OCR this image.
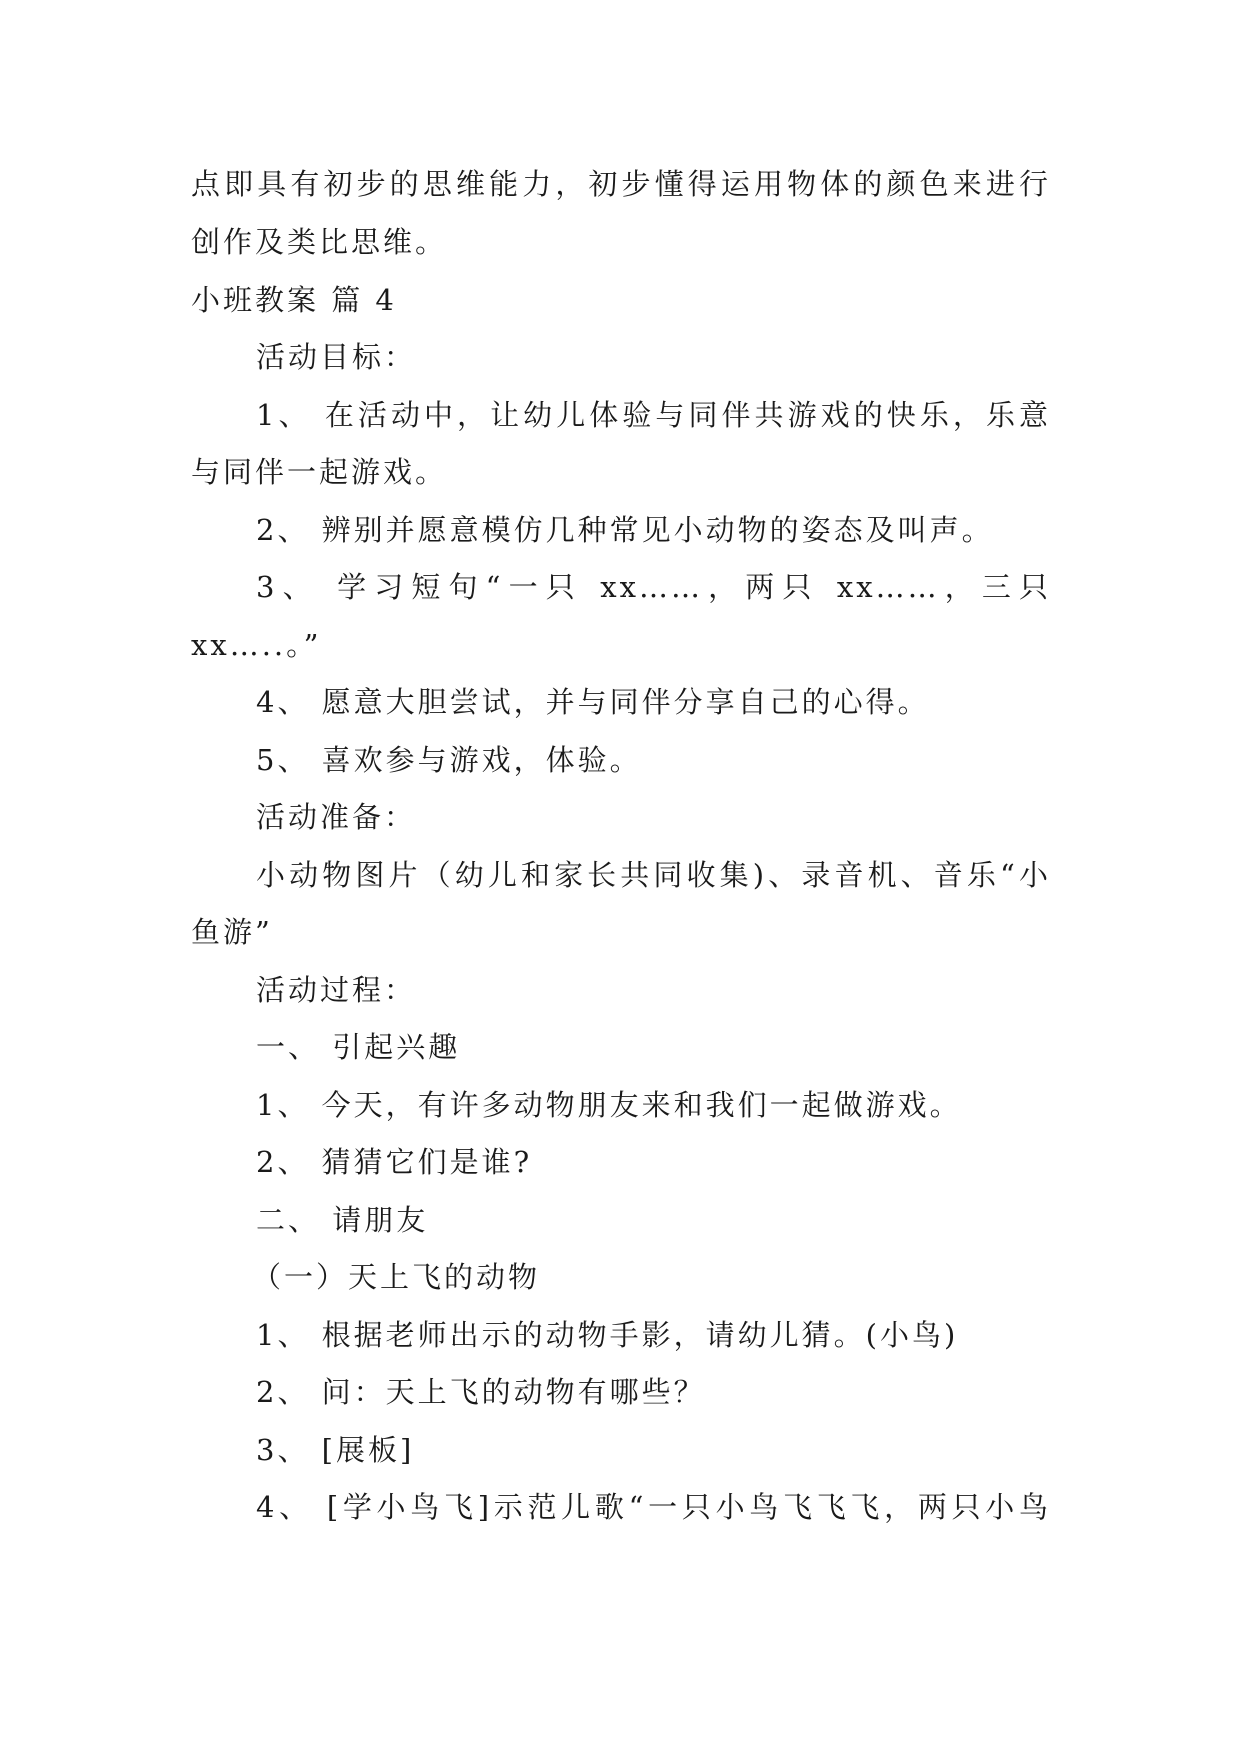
点即具有初步的思维能力，初步懂得运用物体的颜色来进行
创作及类比思维。
小班教案 篇 4
活动目标：
1、 在活动中，让幼儿体验与同伴共游戏的快乐，乐意
与同伴一起游戏。
2、 辨别并愿意模仿几种常见小动物的姿态及叫声。
3、 学习短句“一只 xx……，两只 xx……，三只
xx…..。”
4、 愿意大胆尝试，并与同伴分享自己的心得。
5、 喜欢参与游戏，体验。
活动准备：
小动物图片（幼儿和家长共同收集)、录音机、音乐“小
鱼游”
活动过程：
一、 引起兴趣
1、 今天，有许多动物朋友来和我们一起做游戏。
2、 猜猜它们是谁?
二、 请朋友
（一）天上飞的动物
1、 根据老师出示的动物手影，请幼儿猜。(小鸟)
2、 问：天上飞的动物有哪些？
3、 [展板]
4、 [学小鸟飞]示范儿歌“一只小鸟飞飞飞，两只小鸟
